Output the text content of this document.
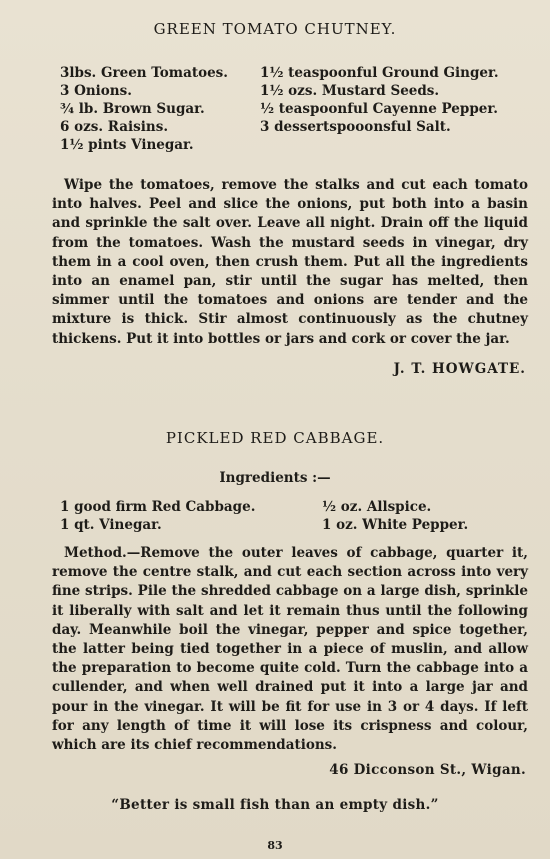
GREEN TOMATO CHUTNEY.
3lbs. Green Tomatoes.
3 Onions.
¾ lb. Brown Sugar.
6 ozs. Raisins.
1½ pints Vinegar.
1½ teaspoonful Ground Ginger.
1½ ozs. Mustard Seeds.
½ teaspoonful Cayenne Pepper.
3 dessertspooonsful Salt.
Wipe the tomatoes, remove the stalks and cut each tomato into halves. Peel and slice the onions, put both into a basin and sprinkle the salt over. Leave all night. Drain off the liquid from the tomatoes. Wash the mustard seeds in vinegar, dry them in a cool oven, then crush them. Put all the ingredients into an enamel pan, stir until the sugar has melted, then simmer until the tomatoes and onions are tender and the mixture is thick. Stir almost continuously as the chutney thickens. Put it into bottles or jars and cork or cover the jar.
J. T. HOWGATE.
PICKLED RED CABBAGE.
Ingredients :—
1 good firm Red Cabbage.
1 qt. Vinegar.
½ oz. Allspice.
1 oz. White Pepper.
Method.—Remove the outer leaves of cabbage, quarter it, remove the centre stalk, and cut each section across into very fine strips. Pile the shredded cabbage on a large dish, sprinkle it liberally with salt and let it remain thus until the following day. Meanwhile boil the vinegar, pepper and spice together, the latter being tied together in a piece of muslin, and allow the preparation to become quite cold. Turn the cabbage into a cullender, and when well drained put it into a large jar and pour in the vinegar. It will be fit for use in 3 or 4 days. If left for any length of time it will lose its crispness and colour, which are its chief recommendations.
46 Dicconson St., Wigan.
“Better is small fish than an empty dish.”
83
